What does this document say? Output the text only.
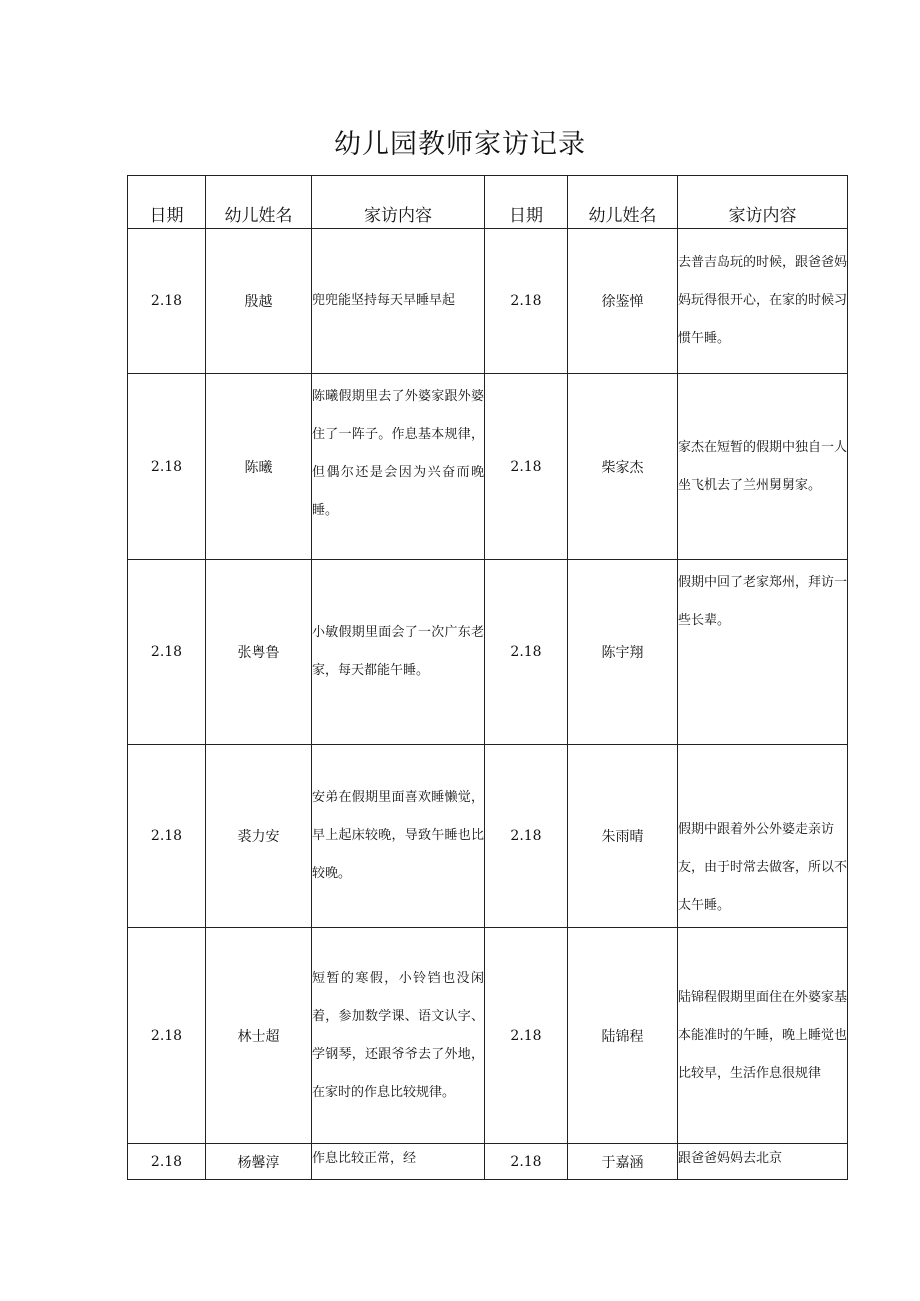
幼儿园教师家访记录
日期	幼儿姓名	家访内容	日期	幼儿姓名	家访内容
2.18	殷越	兜兜能坚持每天早睡早起	2.18	徐鉴惮	去普吉岛玩的时候，跟爸爸妈妈玩得很开心，在家的时候习惯午睡。

2.18	陈曦	陈曦假期里去了外婆家跟外婆住了一阵子。作息基本规律，但偶尔还是会因为兴奋而晚睡。	2.18	柴家杰	家杰在短暂的假期中独自一人坐飞机去了兰州舅舅家。

2.18	张粤鲁	小敏假期里面会了一次广东老家，每天都能午睡。	2.18	陈宇翔	假期中回了老家郑州，拜访一些长辈。

2.18	裘力安	安弟在假期里面喜欢睡懒觉，早上起床较晚，导致午睡也比较晚。	2.18	朱雨晴	假期中跟着外公外婆走亲访
友，由于时常去做客，所以不太午睡。

2.18	林士超	短暂的寒假，小铃铛也没闲着，参加数学课、语文认字、学钢琴，还跟爷爷去了外地，在家时的作息比较规律。	2.18	陆锦程	陆锦程假期里面住在外婆家基本能准时的午睡，晚上睡觉也比较早，生活作息很规律

2.18	杨馨淳	作息比较正常，经	2.18	于嘉涵	跟爸爸妈妈去北京
